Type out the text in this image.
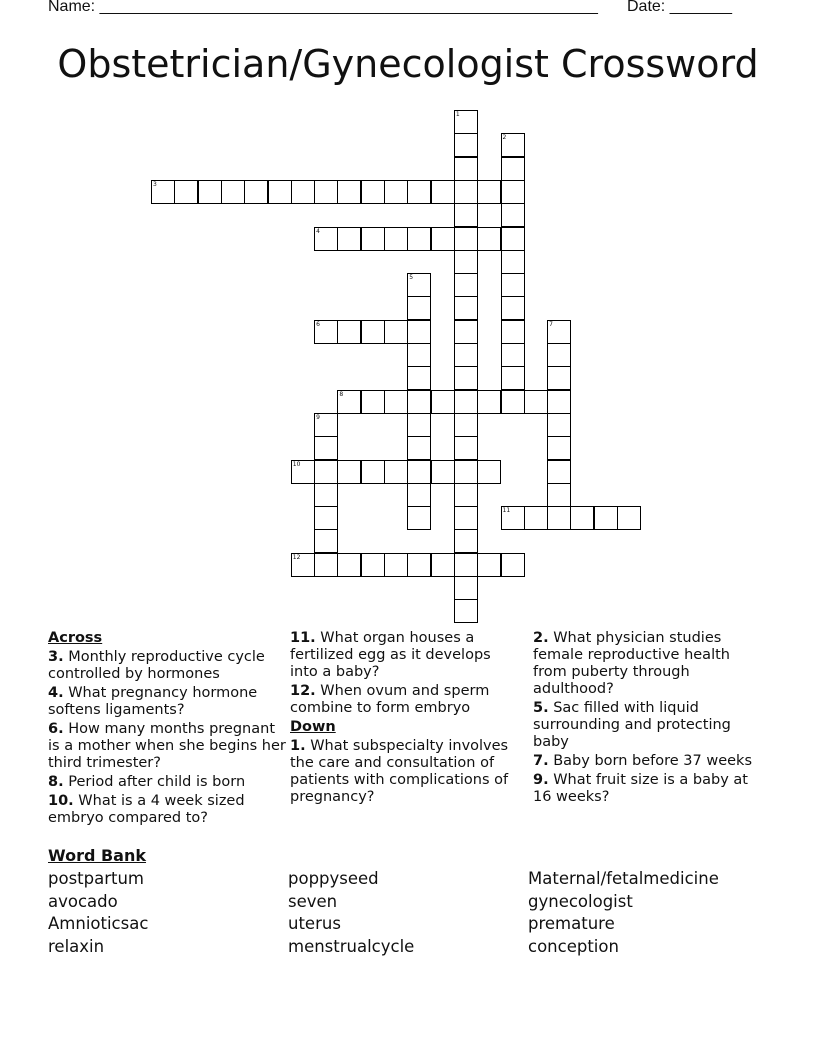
Name: ________________________________________________________ Date: _______
Obstetrician/Gynecologist Crossword
1
2
3
4
5
6	7
8
9
10
11
12
Across
3. Monthly reproductive cycle controlled by hormones
4. What pregnancy hormone softens ligaments?
6. How many months pregnant is a mother when she begins her third trimester?
8. Period after child is born
10. What is a 4 week sized embryo compared to?
11. What organ houses a fertilized egg as it develops into a baby?
12. When ovum and sperm combine to form embryo
Down
1. What subspecialty involves the care and consultation of patients with complications of pregnancy?
2. What physician studies female reproductive health from puberty through adulthood?
5. Sac filled with liquid surrounding and protecting baby
7. Baby born before 37 weeks
9. What fruit size is a baby at 16 weeks?
Word Bank
postpartum
avocado
Amnioticsac
relaxin
poppyseed
seven
uterus
menstrualcycle
Maternal/fetalmedicine
gynecologist
premature
conception
